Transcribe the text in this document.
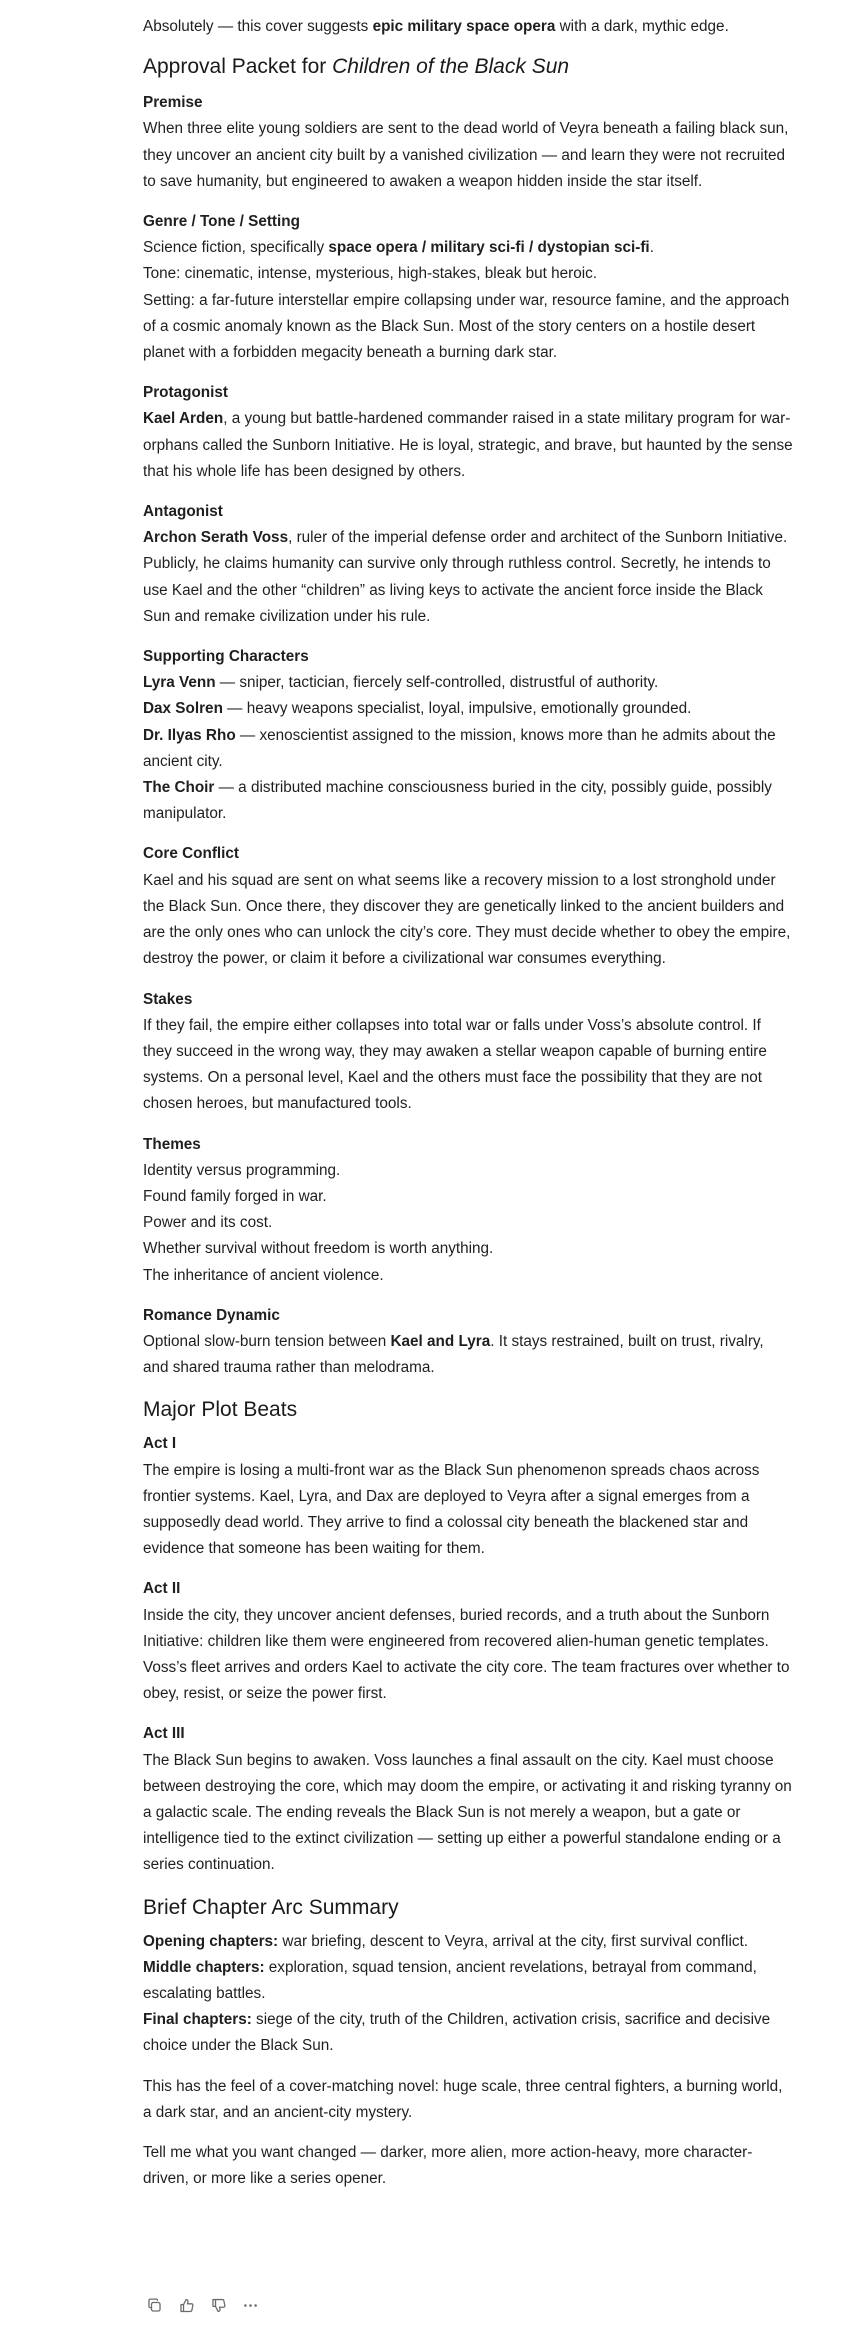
Absolutely — this cover suggests epic military space opera with a dark, mythic edge.

Approval Packet for Children of the Black Sun
Premise

When three elite young soldiers are sent to the dead world of Veyra beneath a failing black sun, they uncover an ancient city built by a vanished civilization — and learn they were not recruited to save humanity, but engineered to awaken a weapon hidden inside the star itself.

Genre / Tone / Setting

Science fiction, specifically space opera / military sci-fi / dystopian sci-fi.

Tone: cinematic, intense, mysterious, high-stakes, bleak but heroic.

Setting: a far-future interstellar empire collapsing under war, resource famine, and the approach of a cosmic anomaly known as the Black Sun. Most of the story centers on a hostile desert planet with a forbidden megacity beneath a burning dark star.

Protagonist

Kael Arden, a young but battle-hardened commander raised in a state military program for war-orphans called the Sunborn Initiative. He is loyal, strategic, and brave, but haunted by the sense that his whole life has been designed by others.

Antagonist

Archon Serath Voss, ruler of the imperial defense order and architect of the Sunborn Initiative. Publicly, he claims humanity can survive only through ruthless control. Secretly, he intends to use Kael and the other “children” as living keys to activate the ancient force inside the Black Sun and remake civilization under his rule.

Supporting Characters

Lyra Venn — sniper, tactician, fiercely self-controlled, distrustful of authority.

Dax Solren — heavy weapons specialist, loyal, impulsive, emotionally grounded.

Dr. Ilyas Rho — xenoscientist assigned to the mission, knows more than he admits about the ancient city.

The Choir — a distributed machine consciousness buried in the city, possibly guide, possibly manipulator.

Core Conflict

Kael and his squad are sent on what seems like a recovery mission to a lost stronghold under the Black Sun. Once there, they discover they are genetically linked to the ancient builders and are the only ones who can unlock the city’s core. They must decide whether to obey the empire, destroy the power, or claim it before a civilizational war consumes everything.

Stakes

If they fail, the empire either collapses into total war or falls under Voss’s absolute control. If they succeed in the wrong way, they may awaken a stellar weapon capable of burning entire systems. On a personal level, Kael and the others must face the possibility that they are not chosen heroes, but manufactured tools.

Themes

Identity versus programming.

Found family forged in war.

Power and its cost.

Whether survival without freedom is worth anything.

The inheritance of ancient violence.

Romance Dynamic

Optional slow-burn tension between Kael and Lyra. It stays restrained, built on trust, rivalry, and shared trauma rather than melodrama.

Major Plot Beats
Act I

The empire is losing a multi-front war as the Black Sun phenomenon spreads chaos across frontier systems. Kael, Lyra, and Dax are deployed to Veyra after a signal emerges from a supposedly dead world. They arrive to find a colossal city beneath the blackened star and evidence that someone has been waiting for them.

Act II

Inside the city, they uncover ancient defenses, buried records, and a truth about the Sunborn Initiative: children like them were engineered from recovered alien-human genetic templates. Voss’s fleet arrives and orders Kael to activate the city core. The team fractures over whether to obey, resist, or seize the power first.

Act III

The Black Sun begins to awaken. Voss launches a final assault on the city. Kael must choose between destroying the core, which may doom the empire, or activating it and risking tyranny on a galactic scale. The ending reveals the Black Sun is not merely a weapon, but a gate or intelligence tied to the extinct civilization — setting up either a powerful standalone ending or a series continuation.

Brief Chapter Arc Summary

Opening chapters: war briefing, descent to Veyra, arrival at the city, first survival conflict.

Middle chapters: exploration, squad tension, ancient revelations, betrayal from command, escalating battles.

Final chapters: siege of the city, truth of the Children, activation crisis, sacrifice and decisive choice under the Black Sun.

This has the feel of a cover-matching novel: huge scale, three central fighters, a burning world, a dark star, and an ancient-city mystery.

Tell me what you want changed — darker, more alien, more action-heavy, more character-driven, or more like a series opener.
